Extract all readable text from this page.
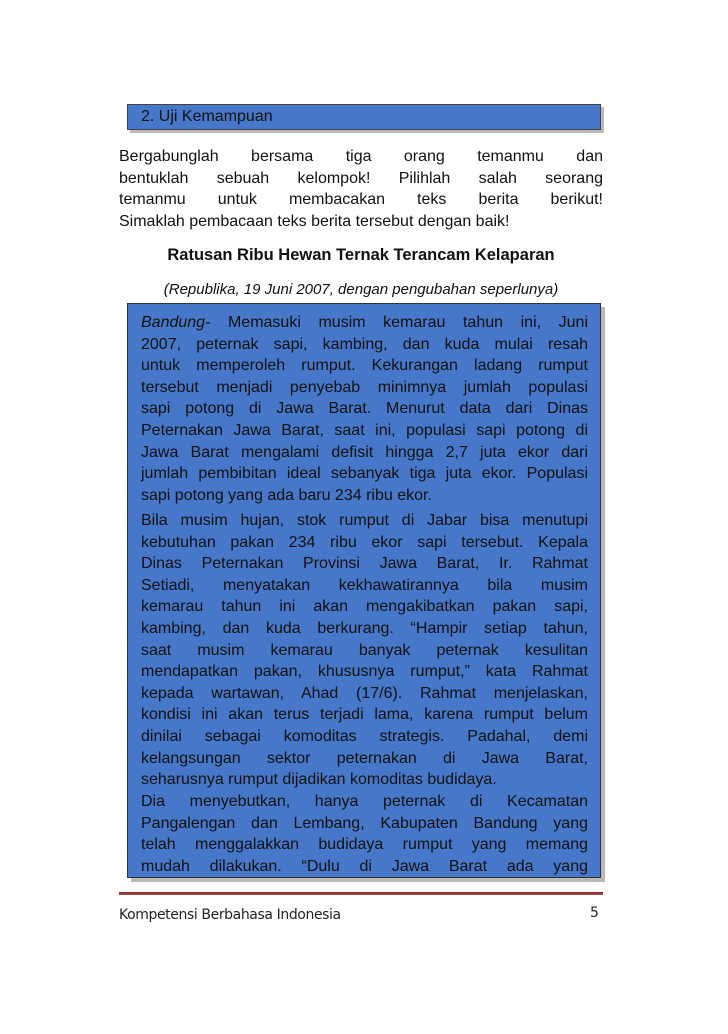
2. Uji Kemampuan
Bergabunglah bersama tiga orang temanmu dan
bentuklah sebuah kelompok! Pilihlah salah seorang
temanmu untuk membacakan teks berita berikut!
Simaklah pembacaan teks berita tersebut dengan baik!
Ratusan Ribu Hewan Ternak Terancam Kelaparan
(Republika, 19 Juni 2007, dengan pengubahan seperlunya)
Bandung- Memasuki musim kemarau tahun ini, Juni
2007, peternak sapi, kambing, dan kuda mulai resah
untuk memperoleh rumput. Kekurangan ladang rumput
tersebut menjadi penyebab minimnya jumlah populasi
sapi potong di Jawa Barat. Menurut data dari Dinas
Peternakan Jawa Barat, saat ini, populasi sapi potong di
Jawa Barat mengalami defisit hingga 2,7 juta ekor dari
jumlah pembibitan ideal sebanyak tiga juta ekor. Populasi
sapi potong yang ada baru 234 ribu ekor.
Bila musim hujan, stok rumput di Jabar bisa menutupi
kebutuhan pakan 234 ribu ekor sapi tersebut. Kepala
Dinas Peternakan Provinsi Jawa Barat, Ir. Rahmat
Setiadi, menyatakan kekhawatirannya bila musim
kemarau tahun ini akan mengakibatkan pakan sapi,
kambing, dan kuda berkurang. “Hampir setiap tahun,
saat musim kemarau banyak peternak kesulitan
mendapatkan pakan, khususnya rumput,” kata Rahmat
kepada wartawan, Ahad (17/6). Rahmat menjelaskan,
kondisi ini akan terus terjadi lama, karena rumput belum
dinilai sebagai komoditas strategis. Padahal, demi
kelangsungan sektor peternakan di Jawa Barat,
seharusnya rumput dijadikan komoditas budidaya.
Dia menyebutkan, hanya peternak di Kecamatan
Pangalengan dan Lembang, Kabupaten Bandung yang
telah menggalakkan budidaya rumput yang memang
mudah dilakukan. “Dulu di Jawa Barat ada yang
Kompetensi Berbahasa Indonesia	5
